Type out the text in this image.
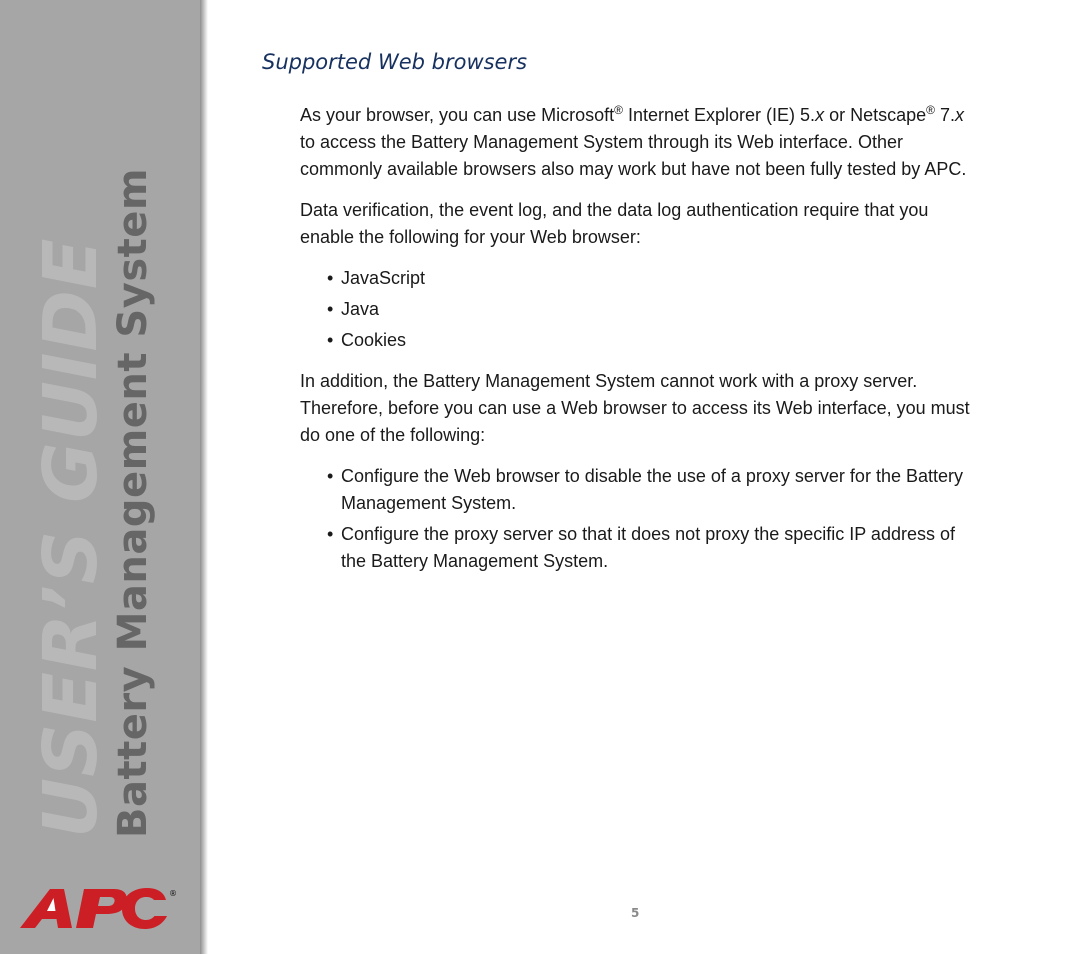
USER’S GUIDE
Battery Management System
®
Supported Web browsers

As your browser, you can use Microsoft® Internet Explorer (IE) 5.x or Netscape® 7.x to access the Battery Management System through its Web interface. Other commonly available browsers also may work but have not been fully tested by APC.

Data verification, the event log, and the data log authentication require that you enable the following for your Web browser:

• JavaScript
• Java
• Cookies

In addition, the Battery Management System cannot work with a proxy server. Therefore, before you can use a Web browser to access its Web interface, you must do one of the following:

• Configure the Web browser to disable the use of a proxy server for the Battery Management System.
• Configure the proxy server so that it does not proxy the specific IP address of the Battery Management System.
5
